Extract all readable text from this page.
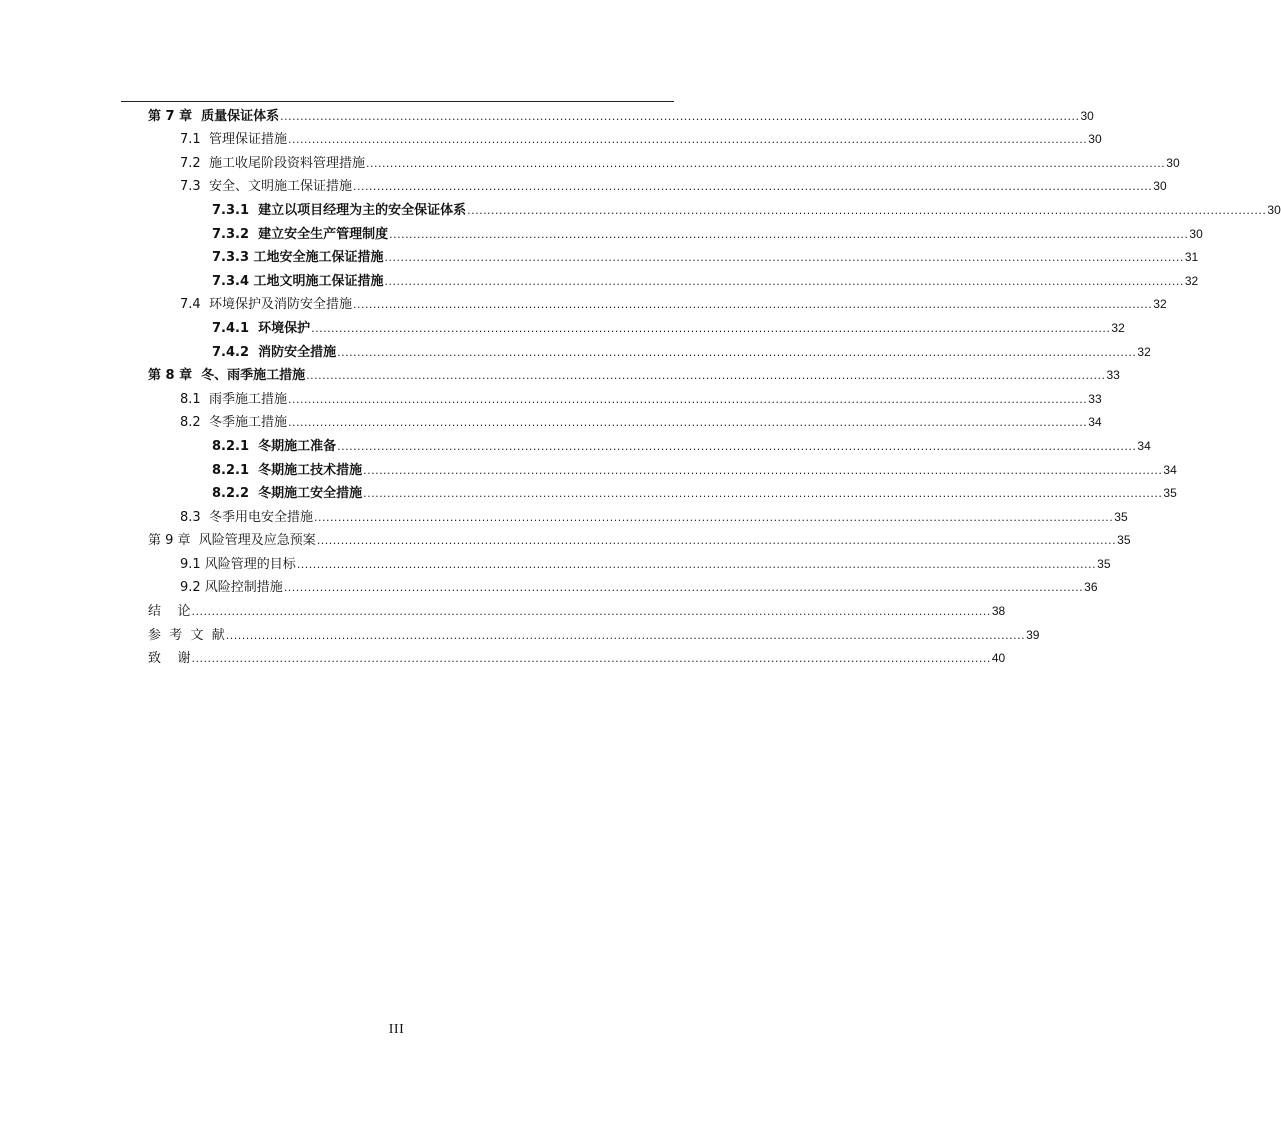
第 7 章  质量保证体系 ........................................................................................................................................................................................................ 30
7.1  管理保证措施 ........................................................................................................................................................................................................ 30
7.2  施工收尾阶段资料管理措施 ........................................................................................................................................................................................................ 30
7.3  安全、文明施工保证措施 ........................................................................................................................................................................................................ 30
7.3.1  建立以项目经理为主的安全保证体系 ........................................................................................................................................................................................................ 30
7.3.2  建立安全生产管理制度 ........................................................................................................................................................................................................ 30
7.3.3 工地安全施工保证措施 ........................................................................................................................................................................................................ 31
7.3.4 工地文明施工保证措施 ........................................................................................................................................................................................................ 32
7.4  环境保护及消防安全措施 ........................................................................................................................................................................................................ 32
7.4.1  环境保护 ........................................................................................................................................................................................................ 32
7.4.2  消防安全措施 ........................................................................................................................................................................................................ 32
第 8 章  冬、雨季施工措施 ........................................................................................................................................................................................................ 33
8.1  雨季施工措施 ........................................................................................................................................................................................................ 33
8.2  冬季施工措施 ........................................................................................................................................................................................................ 34
8.2.1  冬期施工准备 ........................................................................................................................................................................................................ 34
8.2.1  冬期施工技术措施 ........................................................................................................................................................................................................ 34
8.2.2  冬期施工安全措施 ........................................................................................................................................................................................................ 35
8.3  冬季用电安全措施 ........................................................................................................................................................................................................ 35
第 9 章  风险管理及应急预案 ........................................................................................................................................................................................................ 35
9.1 风险管理的目标 ........................................................................................................................................................................................................ 35
9.2 风险控制措施 ........................................................................................................................................................................................................ 36
结    论 ........................................................................................................................................................................................................ 38
参  考  文  献 ........................................................................................................................................................................................................ 39
致    谢 ........................................................................................................................................................................................................ 40
III
